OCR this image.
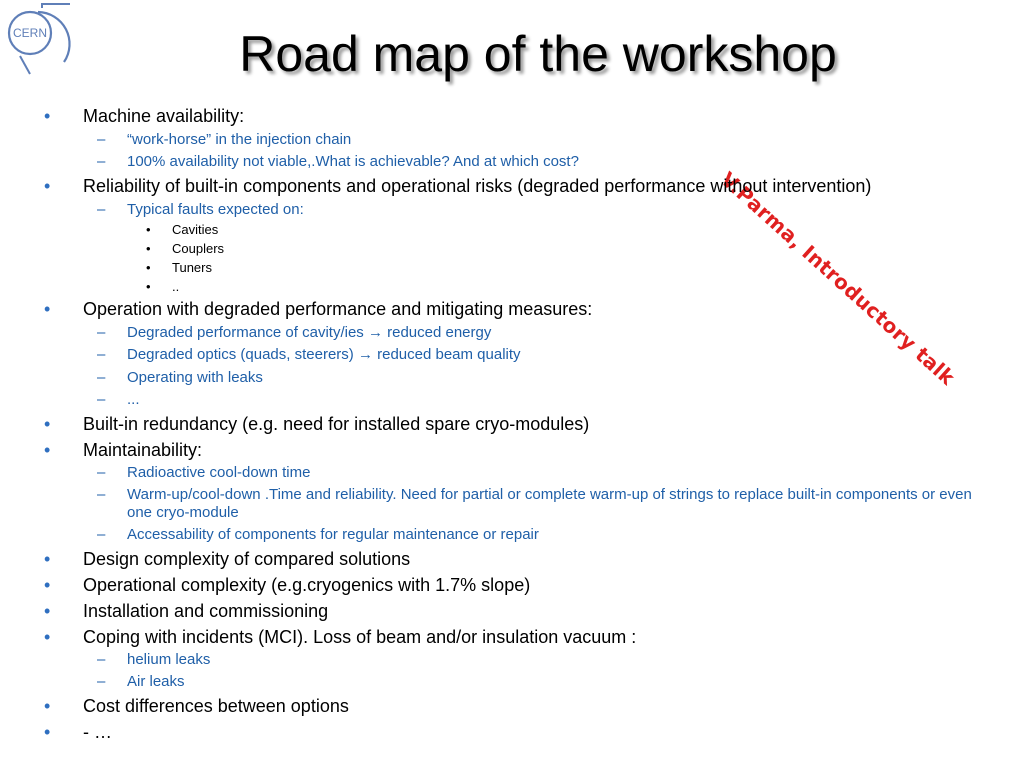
CERN	Road map of the workshop
V.Parma, Introductory talk
• Machine availability:
– “work-horse” in the injection chain
– 100% availability not viable,.What is achievable? And at which cost?
• Reliability of built-in components and operational risks (degraded performance without intervention)
– Typical faults expected on:
• Cavities
• Couplers
• Tuners
• ..
• Operation with degraded performance and mitigating measures:
– Degraded performance of cavity/ies → reduced energy
– Degraded optics (quads, steerers) → reduced beam quality
– Operating with leaks
– ...
• Built-in redundancy (e.g. need for installed spare cryo-modules)
• Maintainability:
– Radioactive cool-down time
– Warm-up/cool-down .Time and reliability. Need for partial or complete warm-up of strings to replace built-in components or even one cryo-module
– Accessability of components for regular maintenance or repair
• Design complexity of compared solutions
• Operational complexity (e.g.cryogenics with 1.7% slope)
• Installation and commissioning
• Coping with incidents (MCI). Loss of beam and/or insulation vacuum :
– helium leaks
– Air leaks
• Cost differences between options
• - …
